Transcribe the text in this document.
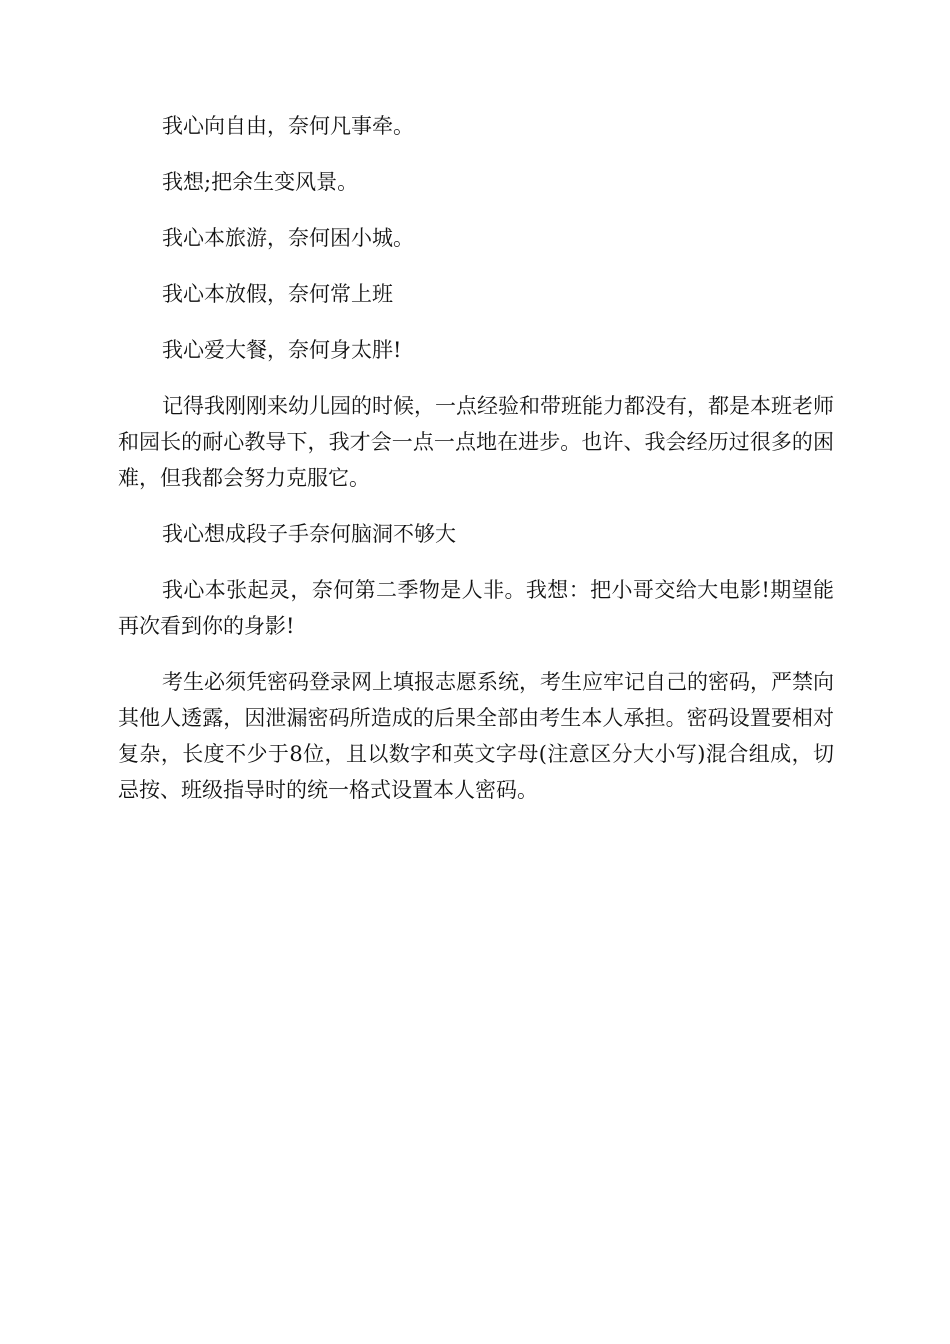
我心向自由，奈何凡事牵。

我想;把余生变风景。

我心本旅游，奈何困小城。

我心本放假，奈何常上班

我心爱大餐，奈何身太胖!

记得我刚刚来幼儿园的时候，一点经验和带班能力都没有，都是本班老师和园长的耐心教导下，我才会一点一点地在进步。也许、我会经历过很多的困难，但我都会努力克服它。

我心想成段子手奈何脑洞不够大

我心本张起灵，奈何第二季物是人非。我想：把小哥交给大电影!期望能再次看到你的身影!

考生必须凭密码登录网上填报志愿系统，考生应牢记自己的密码，严禁向其他人透露，因泄漏密码所造成的后果全部由考生本人承担。密码设置要相对复杂，长度不少于8位，且以数字和英文字母(注意区分大小写)混合组成，切忌按、班级指导时的统一格式设置本人密码。
